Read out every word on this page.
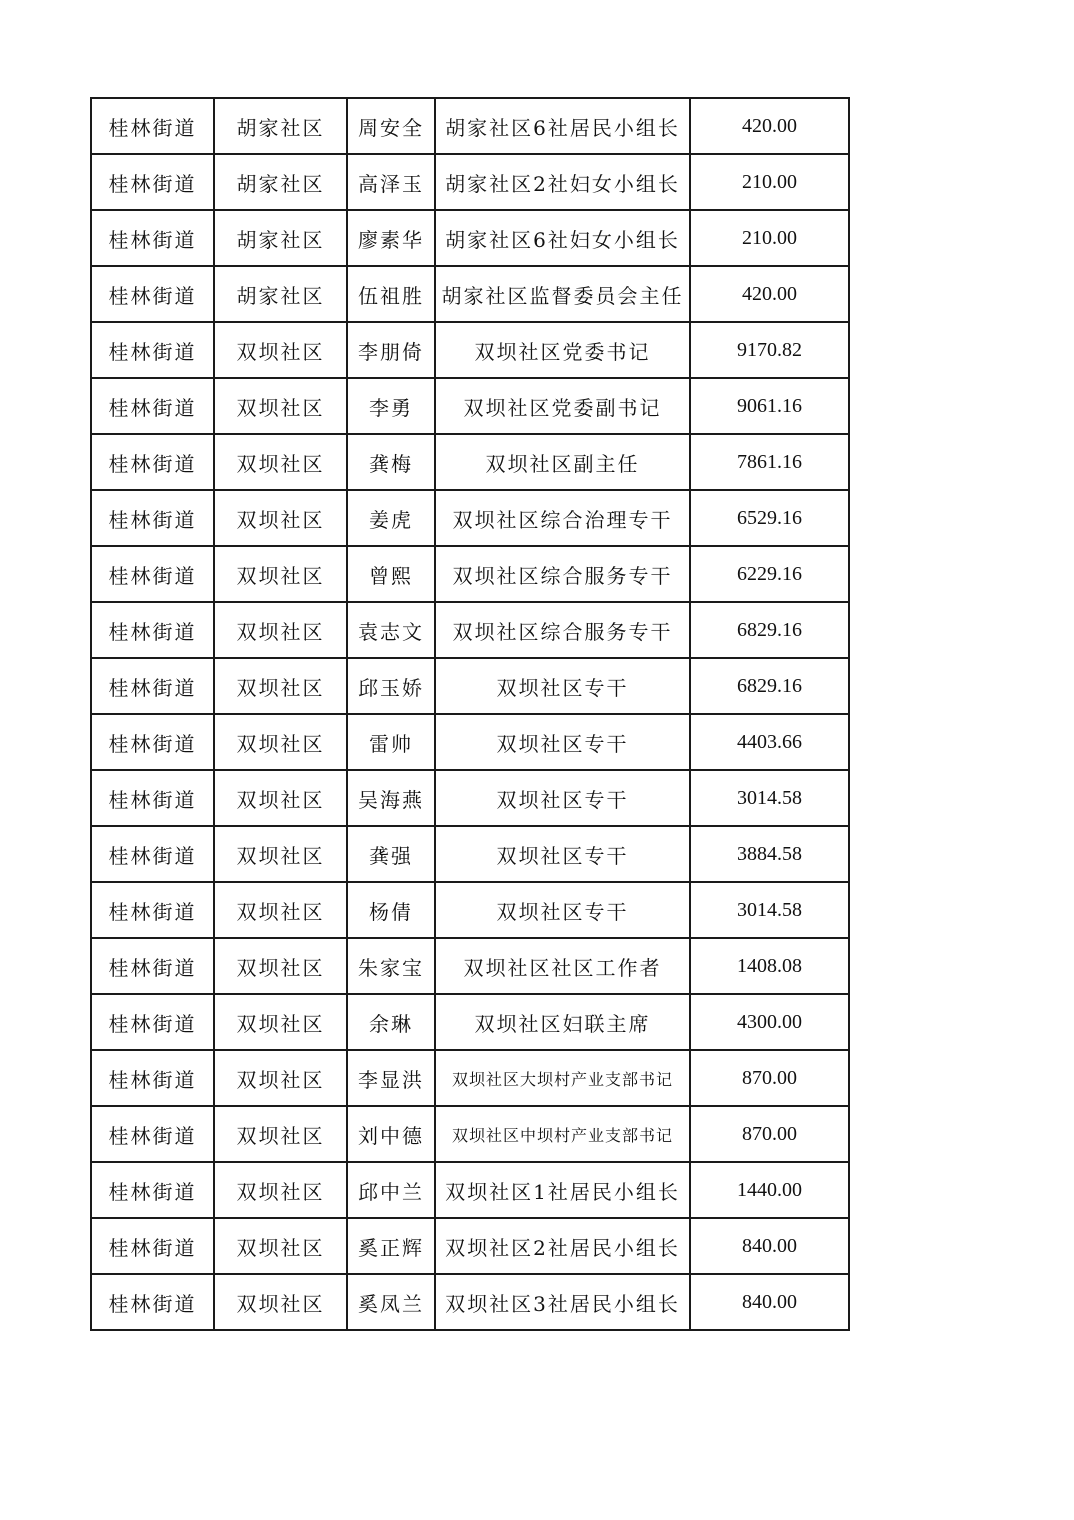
桂林街道	胡家社区	周安全	胡家社区6社居民小组长	420.00
桂林街道	胡家社区	高泽玉	胡家社区2社妇女小组长	210.00
桂林街道	胡家社区	廖素华	胡家社区6社妇女小组长	210.00
桂林街道	胡家社区	伍祖胜	胡家社区监督委员会主任	420.00
桂林街道	双坝社区	李朋倚	双坝社区党委书记	9170.82
桂林街道	双坝社区	李勇	双坝社区党委副书记	9061.16
桂林街道	双坝社区	龚梅	双坝社区副主任	7861.16
桂林街道	双坝社区	姜虎	双坝社区综合治理专干	6529.16
桂林街道	双坝社区	曾熙	双坝社区综合服务专干	6229.16
桂林街道	双坝社区	袁志文	双坝社区综合服务专干	6829.16
桂林街道	双坝社区	邱玉娇	双坝社区专干	6829.16
桂林街道	双坝社区	雷帅	双坝社区专干	4403.66
桂林街道	双坝社区	吴海燕	双坝社区专干	3014.58
桂林街道	双坝社区	龚强	双坝社区专干	3884.58
桂林街道	双坝社区	杨倩	双坝社区专干	3014.58
桂林街道	双坝社区	朱家宝	双坝社区社区工作者	1408.08
桂林街道	双坝社区	余琳	双坝社区妇联主席	4300.00
桂林街道	双坝社区	李显洪	双坝社区大坝村产业支部书记	870.00
桂林街道	双坝社区	刘中德	双坝社区中坝村产业支部书记	870.00
桂林街道	双坝社区	邱中兰	双坝社区1社居民小组长	1440.00
桂林街道	双坝社区	奚正辉	双坝社区2社居民小组长	840.00
桂林街道	双坝社区	奚凤兰	双坝社区3社居民小组长	840.00
